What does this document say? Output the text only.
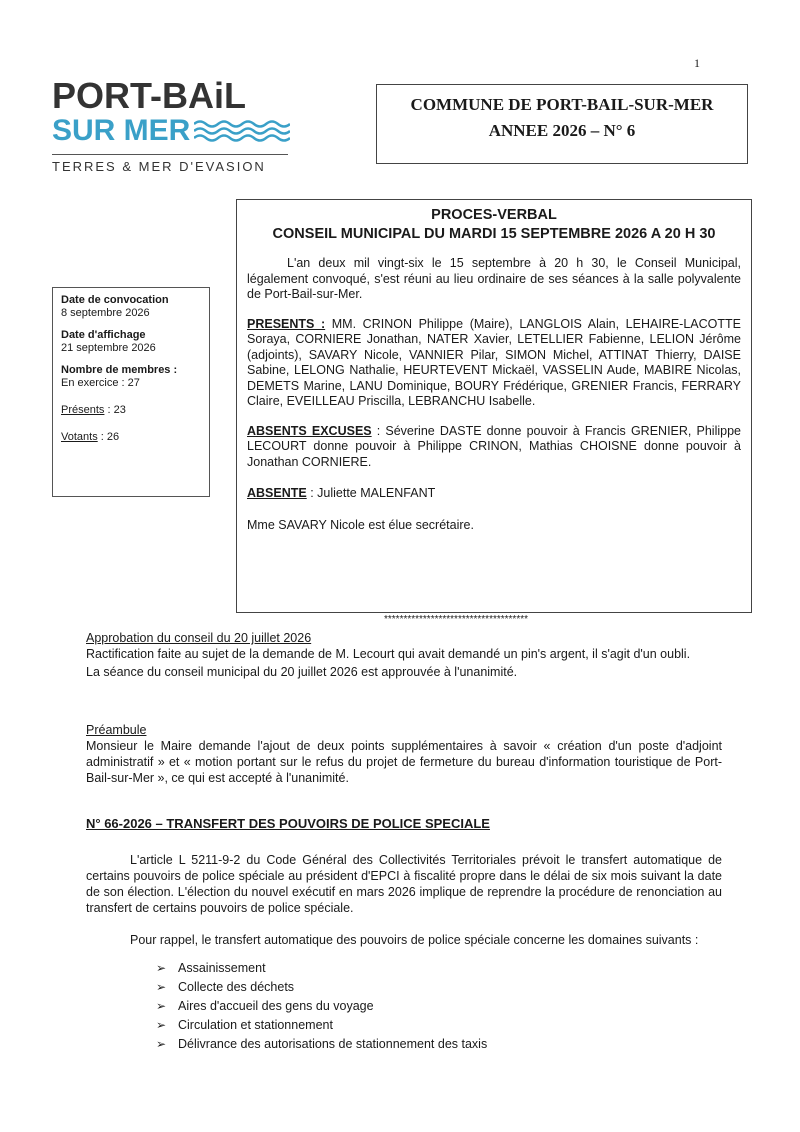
1
PORT-BAiL
SUR MER
TERRES & MER D'EVASION
COMMUNE DE PORT-BAIL-SUR-MER
ANNEE 2026 – N° 6
Date de convocation
8 septembre 2026
Date d'affichage
21 septembre 2026
Nombre de membres :
En exercice : 27
Présents : 23
Votants : 26
PROCES-VERBAL
CONSEIL MUNICIPAL DU MARDI 15 SEPTEMBRE 2026 A 20 H 30

L'an deux mil vingt-six le 15 septembre à 20 h 30, le Conseil Municipal, légalement convoqué, s'est réuni au lieu ordinaire de ses séances à la salle polyvalente de Port-Bail-sur-Mer.

PRESENTS : MM. CRINON Philippe (Maire), LANGLOIS Alain, LEHAIRE-LACOTTE Soraya, CORNIERE Jonathan, NATER Xavier, LETELLIER Fabienne, LELION Jérôme (adjoints), SAVARY Nicole, VANNIER Pilar, SIMON Michel, ATTINAT Thierry, DAISE Sabine, LELONG Nathalie, HEURTEVENT Mickaël, VASSELIN Aude, MABIRE Nicolas, DEMETS Marine, LANU Dominique, BOURY Frédérique, GRENIER Francis, FERRARY Claire, EVEILLEAU Priscilla, LEBRANCHU Isabelle.

ABSENTS EXCUSES : Séverine DASTE donne pouvoir à Francis GRENIER, Philippe LECOURT donne pouvoir à Philippe CRINON, Mathias CHOISNE donne pouvoir à Jonathan CORNIERE.

ABSENTE : Juliette MALENFANT

Mme SAVARY Nicole est élue secrétaire.

*************************************
Approbation du conseil du 20 juillet 2026

Ractification faite au sujet de la demande de M. Lecourt qui avait demandé un pin's argent, il s'agit d'un oubli.

La séance du conseil municipal du 20 juillet 2026 est approuvée à l'unanimité.

Préambule

Monsieur le Maire demande l'ajout de deux points supplémentaires à savoir « création d'un poste d'adjoint administratif » et « motion portant sur le refus du projet de fermeture du bureau d'information touristique de Port-Bail-sur-Mer », ce qui est accepté à l'unanimité.

N° 66-2026 – TRANSFERT DES POUVOIRS DE POLICE SPECIALE

L'article L 5211-9-2 du Code Général des Collectivités Territoriales prévoit le transfert automatique de certains pouvoirs de police spéciale au président d'EPCI à fiscalité propre dans le délai de six mois suivant la date de son élection. L'élection du nouvel exécutif en mars 2026 implique de reprendre la procédure de renonciation au transfert de certains pouvoirs de police spéciale.

Pour rappel, le transfert automatique des pouvoirs de police spéciale concerne les domaines suivants :

➢ Assainissement
➢ Collecte des déchets
➢ Aires d'accueil des gens du voyage
➢ Circulation et stationnement
➢ Délivrance des autorisations de stationnement des taxis
